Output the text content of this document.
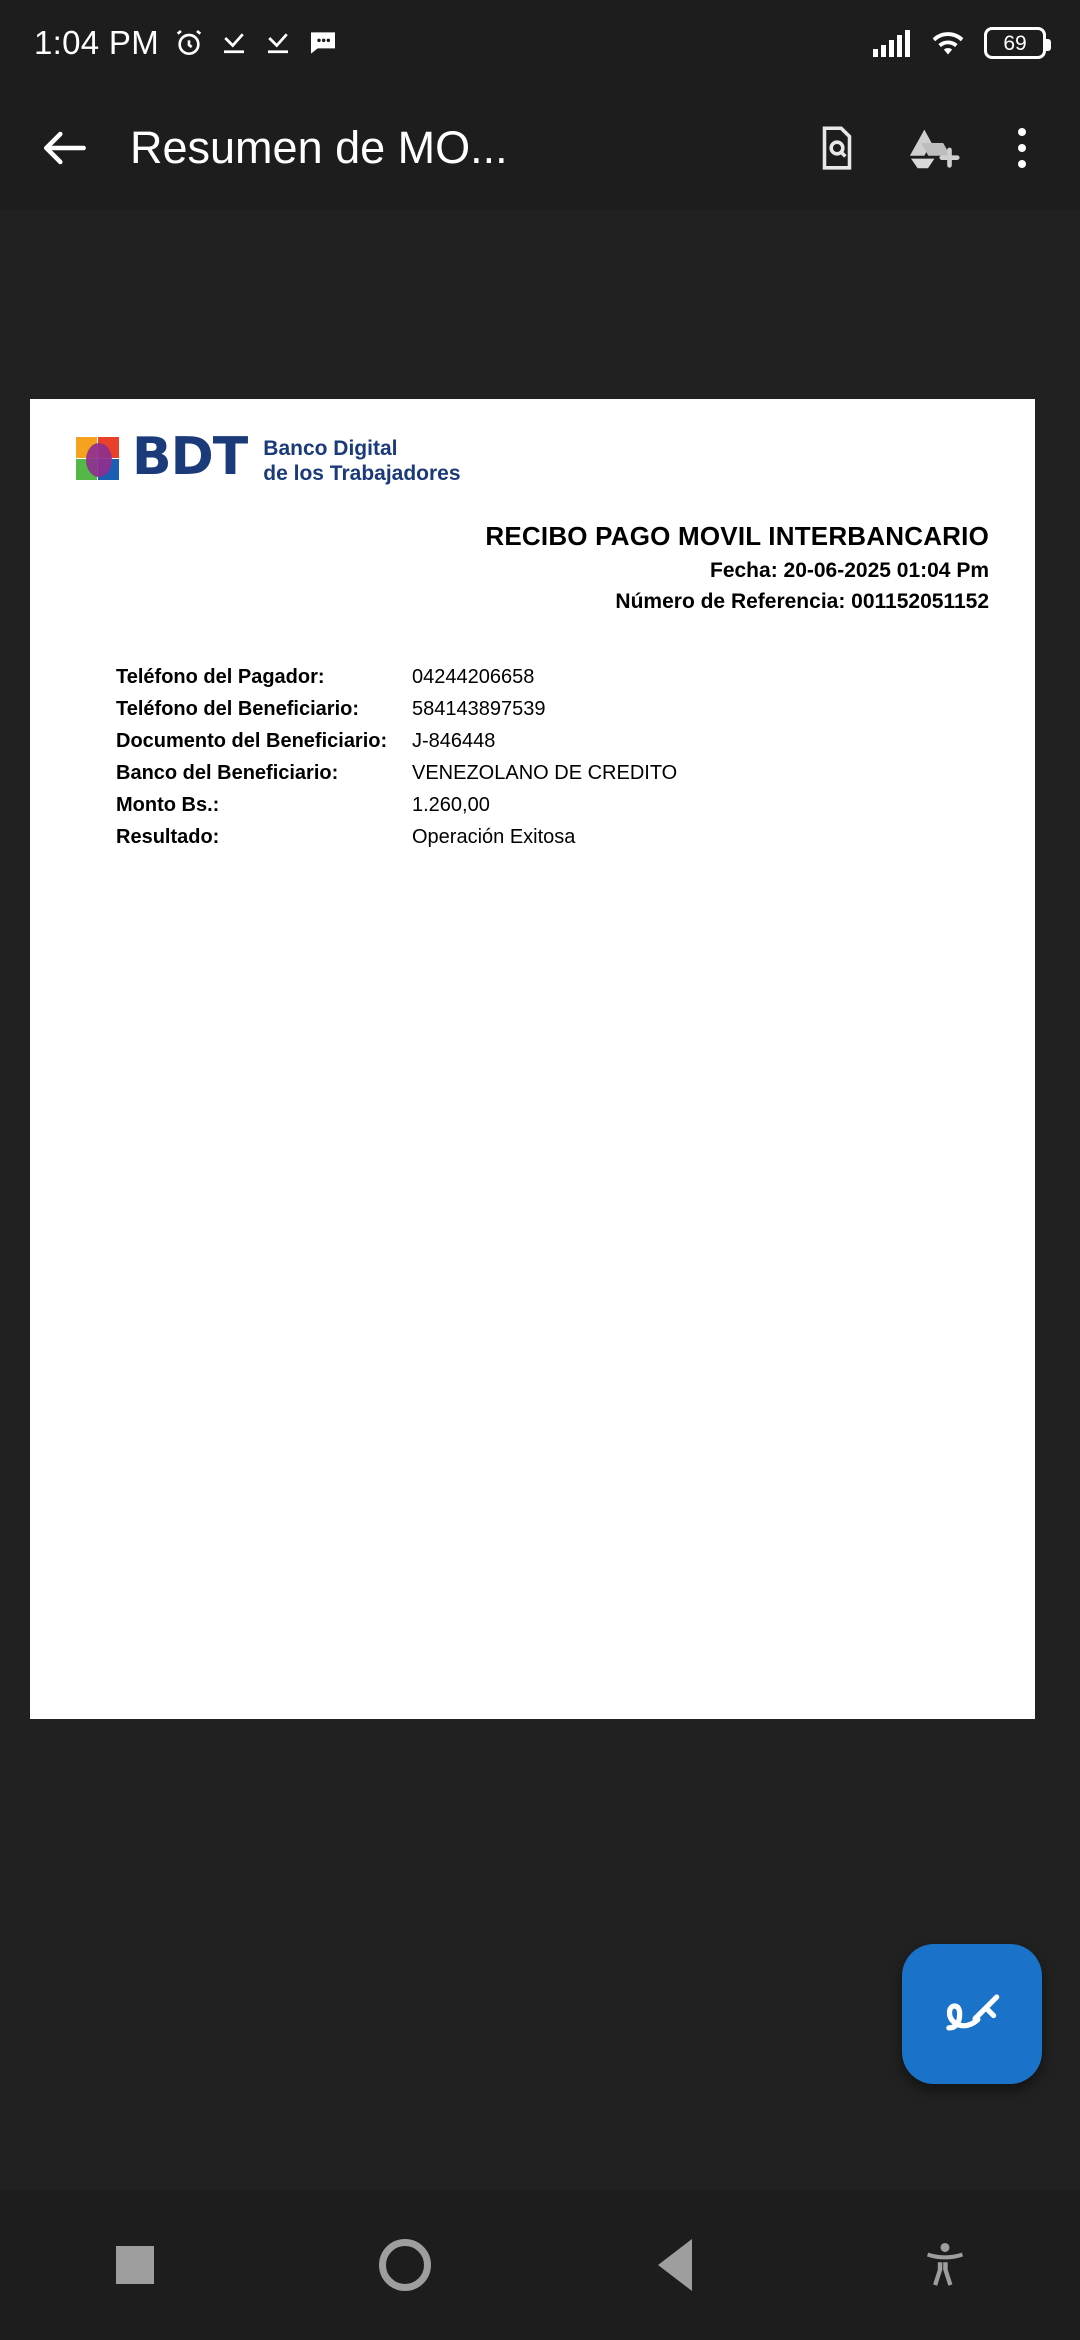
1:04 PM	69
Resumen de MO...
BDT Banco Digital
de los Trabajadores
RECIBO PAGO MOVIL INTERBANCARIO
Fecha: 20-06-2025 01:04 Pm
Número de Referencia: 001152051152
Teléfono del Pagador:	04244206658
Teléfono del Beneficiario:	584143897539
Documento del Beneficiario:	J-846448
Banco del Beneficiario:	VENEZOLANO DE CREDITO
Monto Bs.:	1.260,00
Resultado:	Operación Exitosa
